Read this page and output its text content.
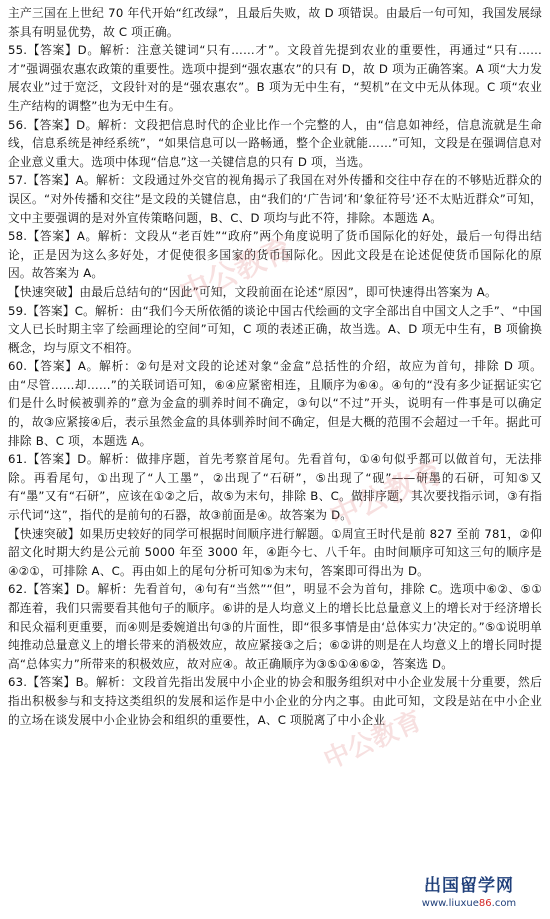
主产三国在上世纪 70 年代开始“红改绿”，且最后失败，故 D 项错误。由最后一句可知，我国发展绿茶具有明显优势，故 C 项正确。

55.【答案】D。解析：注意关键词“只有……才”。文段首先提到农业的重要性，再通过“只有……才”强调强农惠农政策的重要性。选项中提到“强农惠农”的只有 D，故 D 项为正确答案。A 项“大力发展农业”过于宽泛，文段针对的是“强农惠农”。B 项为无中生有，“契机”在文中无从体现。C 项“农业生产结构的调整”也为无中生有。

56.【答案】D。解析：文段把信息时代的企业比作一个完整的人，由“信息如神经，信息流就是生命线，信息系统是神经系统”，“如果信息可以一路畅通，整个企业就能……”可知，文段是在强调信息对企业意义重大。选项中体现“信息”这一关键信息的只有 D 项，当选。

57.【答案】A。解析：文段通过外交官的视角揭示了我国在对外传播和交往中存在的不够贴近群众的误区。“对外传播和交往”是文段的关键信息，由“我们的‘广告词’和‘象征符号’还不太贴近群众”可知，文中主要强调的是对外宣传策略问题，B、C、D 项均与此不符，排除。本题选 A。

58.【答案】A。解析：文段从“老百姓”“政府”两个角度说明了货币国际化的好处，最后一句得出结论，正是因为这么多好处，才促使很多国家的货币国际化。因此文段是在论述促使货币国际化的原因。故答案为 A。

【快速突破】由最后总结句的“因此”可知，文段前面在论述“原因”，即可快速得出答案为 A。

59.【答案】C。解析：由“我们今天所依循的谈论中国古代绘画的文字全部出自中国文人之手”、“中国文人已长时期主宰了绘画理论的空间”可知，C 项的表述正确，故当选。A、D 项无中生有，B 项偷换概念，均与原文不相符。

60.【答案】A。解析：②句是对文段的论述对象“金盒”总括性的介绍，故应为首句，排除 D 项。由“尽管……却……”的关联词语可知，⑥④应紧密相连，且顺序为⑥④。④句的“没有多少证据证实它们是什么时候被驯养的”意为金盒的驯养时间不确定，③句以“不过”开头，说明有一件事是可以确定的，故③应紧接④后，表示虽然金盒的具体驯养时间不确定，但是大概的范围不会超过一千年。据此可排除 B、C 项，本题选 A。

61.【答案】D。解析：做排序题，首先考察首尾句。先看首句，①④句似乎都可以做首句，无法排除。再看尾句，①出现了“人工墨”，②出现了“石研”，⑤出现了“砚”——研墨的石研，可知⑤又有“墨”又有“石研”，应该在①②之后，故⑤为末句，排除 B、C。做排序题，其次要找指示词，③有指示代词“这”，指代的是前句的石器，故③前面是④。故答案为 D。

【快速突破】如果历史较好的同学可根据时间顺序进行解题。①周宣王时代是前 827 至前 781，②仰韶文化时期大约是公元前 5000 年至 3000 年，④距今七、八千年。由时间顺序可知这三句的顺序是④②①，可排除 A、C。再由如上的尾句分析可知⑤为末句，答案即可得出为 D。

62.【答案】D。解析：先看首句，④句有“当然”“但”，明显不会为首句，排除 C。选项中⑥②、⑤①都连着，我们只需要看其他句子的顺序。⑥讲的是人均意义上的增长比总量意义上的增长对于经济增长和民众福利更重要，而④则是委婉道出句③的片面性，即“很多事情是由‘总体实力’决定的。”⑤①说明单纯推动总量意义上的增长带来的消极效应，故应紧接③之后；⑥②讲的则是在人均意义上的增长同时提高“总体实力”所带来的积极效应，故对应④。故正确顺序为③⑤①④⑥②，答案选 D。

63.【答案】B。解析：文段首先指出发展中小企业的协会和服务组织对中小企业发展十分重要，然后指出积极参与和支持这类组织的发展和运作是中小企业的分内之事。由此可知，文段是站在中小企业的立场在谈发展中小企业协会和组织的重要性，A、C 项脱离了中小企业

中公教育
中公教育
中公教育
出国留学网
www.liuxue86.com
